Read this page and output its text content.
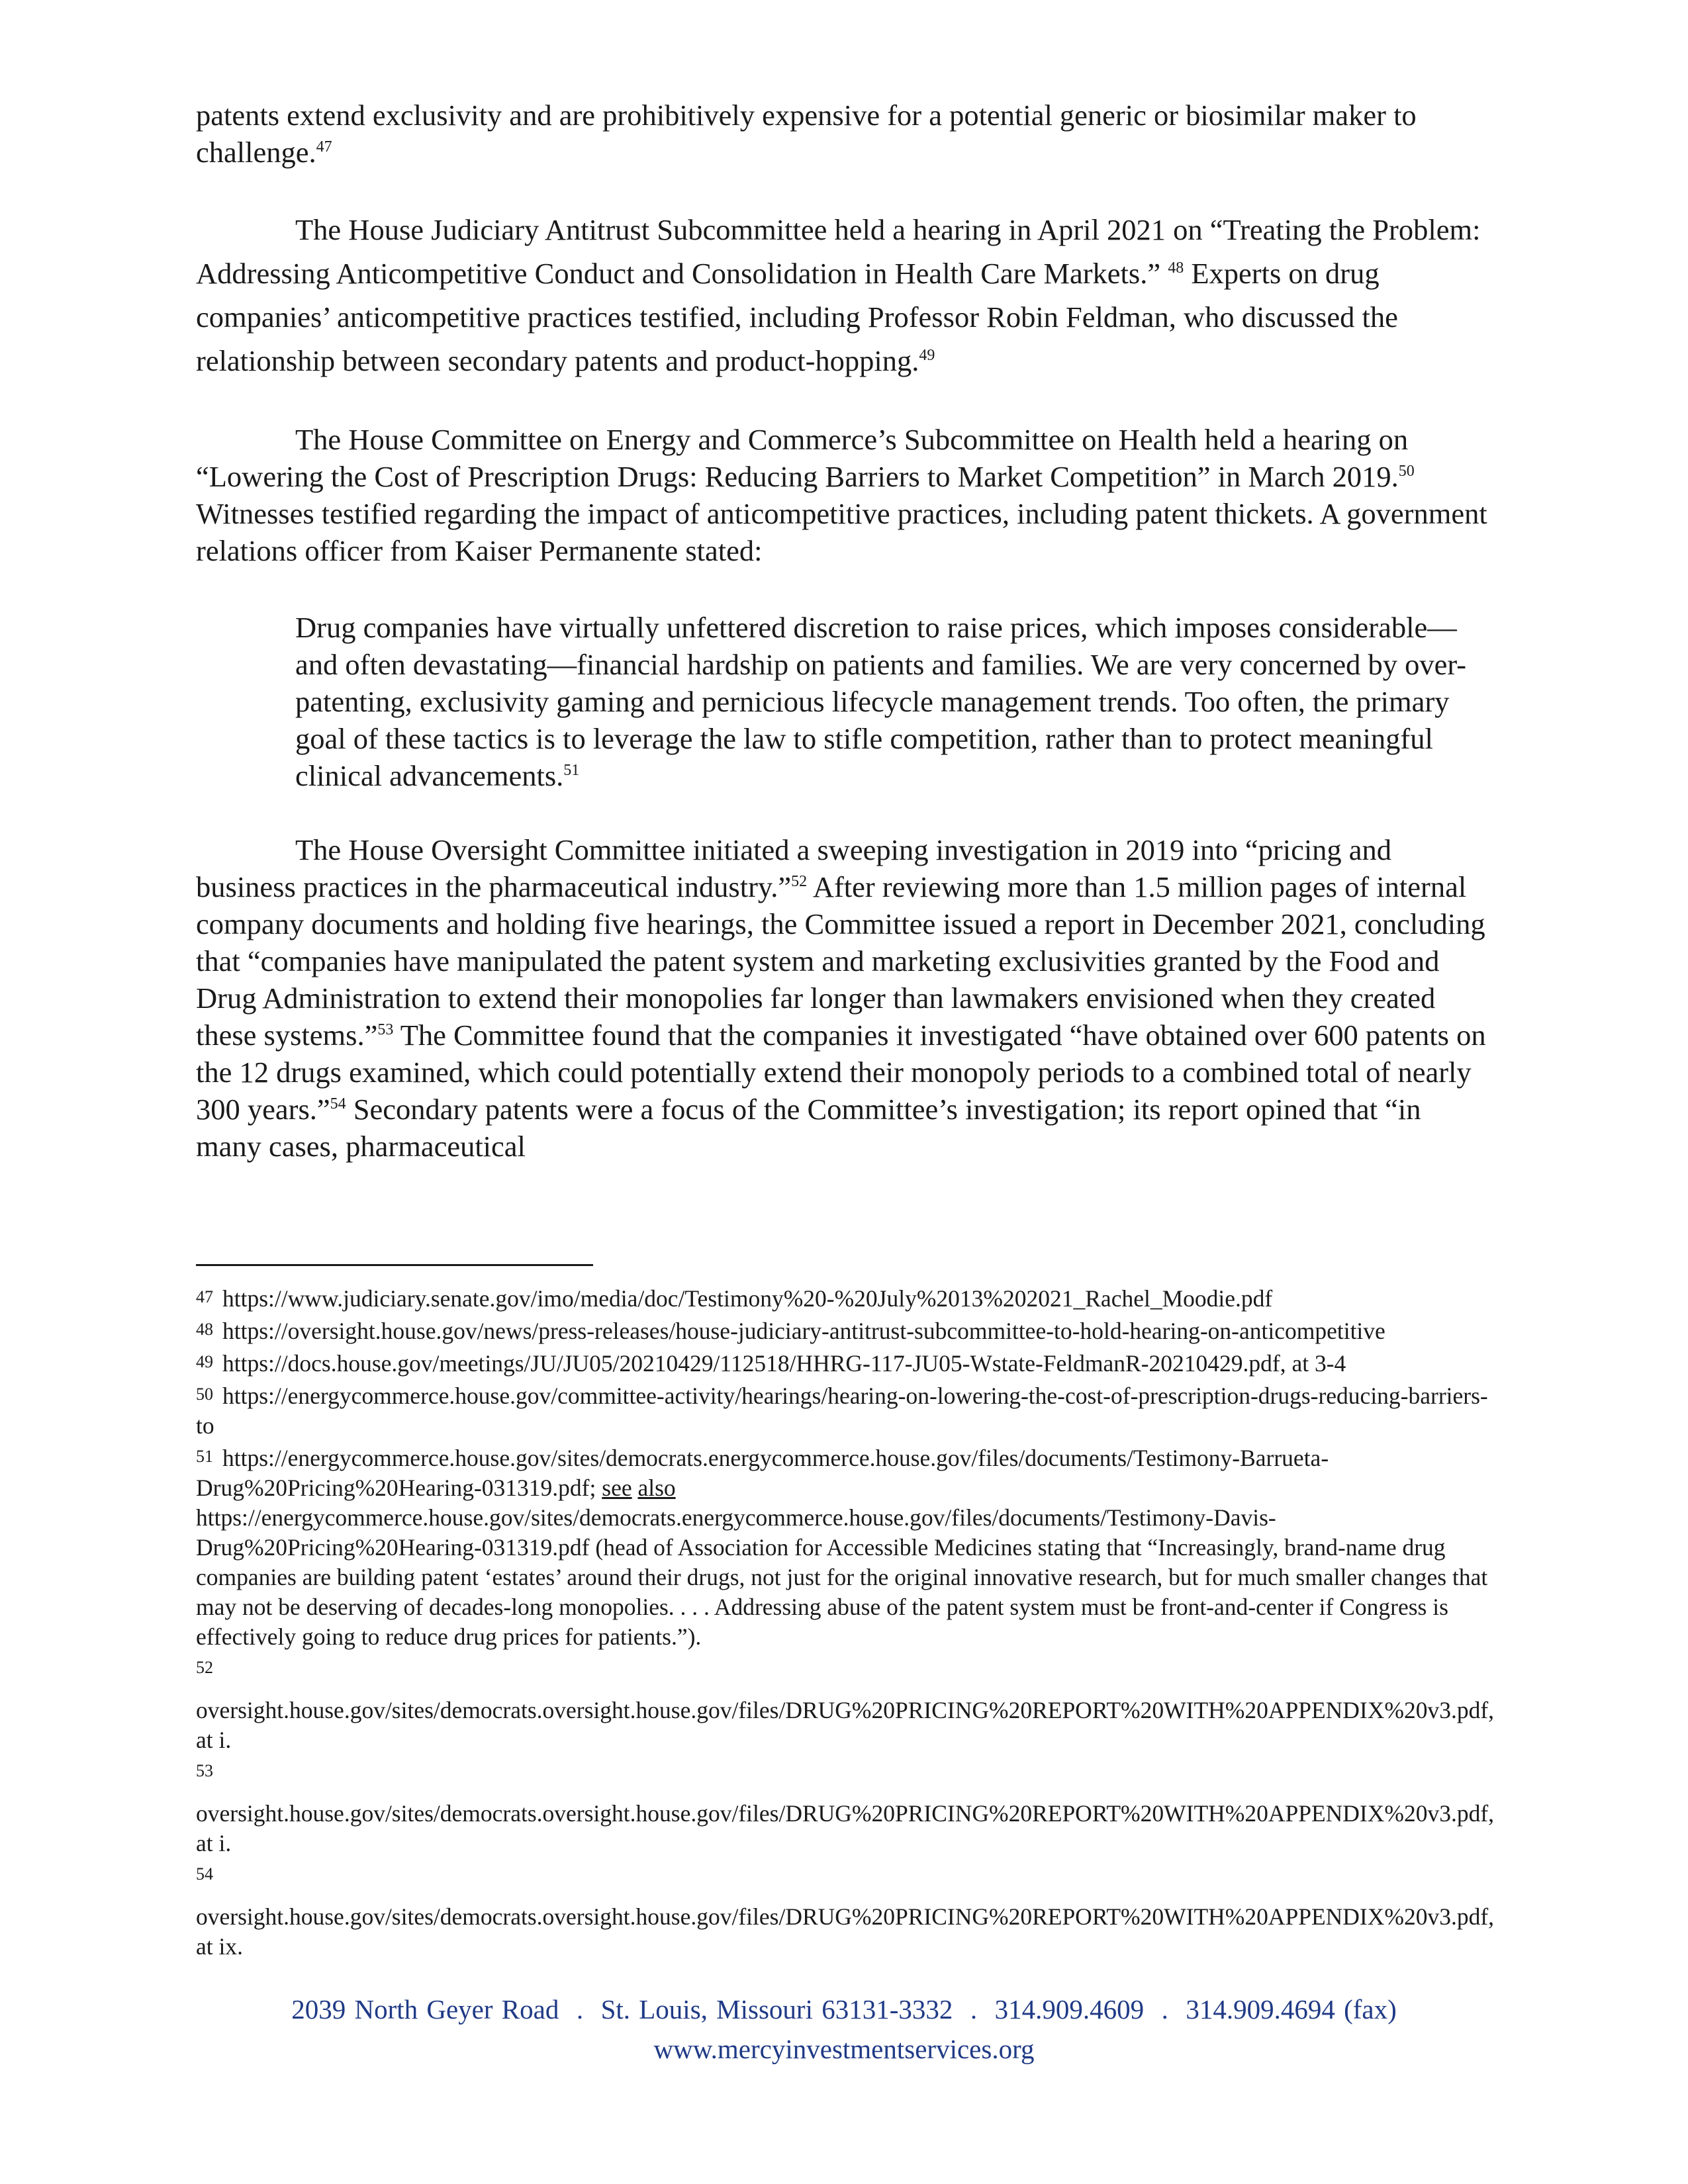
patents extend exclusivity and are prohibitively expensive for a potential generic or biosimilar maker to challenge.$^{47}$

The House Judiciary Antitrust Subcommittee held a hearing in April 2021 on “Treating the Problem: Addressing Anticompetitive Conduct and Consolidation in Health Care Markets.” $^{48}$ Experts on drug companies’ anticompetitive practices testified, including Professor Robin Feldman, who discussed the relationship between secondary patents and product-hopping.$^{49}$

The House Committee on Energy and Commerce’s Subcommittee on Health held a hearing on “Lowering the Cost of Prescription Drugs: Reducing Barriers to Market Competition” in March 2019.50 Witnesses testified regarding the impact of anticompetitive practices, including patent thickets. A government relations officer from Kaiser Permanente stated:

Drug companies have virtually unfettered discretion to raise prices, which imposes considerable—and often devastating—financial hardship on patients and families. We are very concerned by over-patenting, exclusivity gaming and pernicious lifecycle management trends. Too often, the primary goal of these tactics is to leverage the law to stifle competition, rather than to protect meaningful clinical advancements.$^{51}$

The House Oversight Committee initiated a sweeping investigation in 2019 into “pricing and business practices in the pharmaceutical industry.”$^{52}$ After reviewing more than 1.5 million pages of internal company documents and holding five hearings, the Committee issued a report in December 2021, concluding that “companies have manipulated the patent system and marketing exclusivities granted by the Food and Drug Administration to extend their monopolies far longer than lawmakers envisioned when they created these systems.”$^{53}$ The Committee found that the companies it investigated “have obtained over 600 patents on the 12 drugs examined, which could potentially extend their monopoly periods to a combined total of nearly 300 years.”$^{54}$ Secondary patents were a focus of the Committee’s investigation; its report opined that “in many cases, pharmaceutical

$^{47}$ https://www.judiciary.senate.gov/imo/media/doc/Testimony%20-%20July%2013%202021_Rachel_Moodie.pdf

$^{48}$ https://oversight.house.gov/news/press-releases/house-judiciary-antitrust-subcommittee-to-hold-hearing-on-anticompetitive

$^{49}$ https://docs.house.gov/meetings/JU/JU05/20210429/112518/HHRG-117-JU05-Wstate-FeldmanR-20210429.pdf, at 3-4

$^{50}$ https://energycommerce.house.gov/committee-activity/hearings/hearing-on-lowering-the-cost-of-prescription-drugs-reducing-barriers-to

$^{51}$ https://energycommerce.house.gov/sites/democrats.energycommerce.house.gov/files/documents/Testimony-Barrueta-Drug%20Pricing%20Hearing-031319.pdf; see also
https://energycommerce.house.gov/sites/democrats.energycommerce.house.gov/files/documents/Testimony-Davis-Drug%20Pricing%20Hearing-031319.pdf (head of Association for Accessible Medicines stating that “Increasingly, brand-name drug companies are building patent ‘estates’ around their drugs, not just for the original innovative research, but for much smaller changes that may not be deserving of decades-long monopolies. . . . Addressing abuse of the patent system must be front-and-center if Congress is effectively going to reduce drug prices for patients.”).

52
oversight.house.gov/sites/democrats.oversight.house.gov/files/DRUG%20PRICING%20REPORT%20WITH%20APPENDIX%20v3.pdf, at i.

53
oversight.house.gov/sites/democrats.oversight.house.gov/files/DRUG%20PRICING%20REPORT%20WITH%20APPENDIX%20v3.pdf, at i.

54
oversight.house.gov/sites/democrats.oversight.house.gov/files/DRUG%20PRICING%20REPORT%20WITH%20APPENDIX%20v3.pdf, at ix.

2039 North Geyer Road  .  St. Louis, Missouri 63131-3332  .  314.909.4609  .  314.909.4694 (fax)
www.mercyinvestmentservices.org
